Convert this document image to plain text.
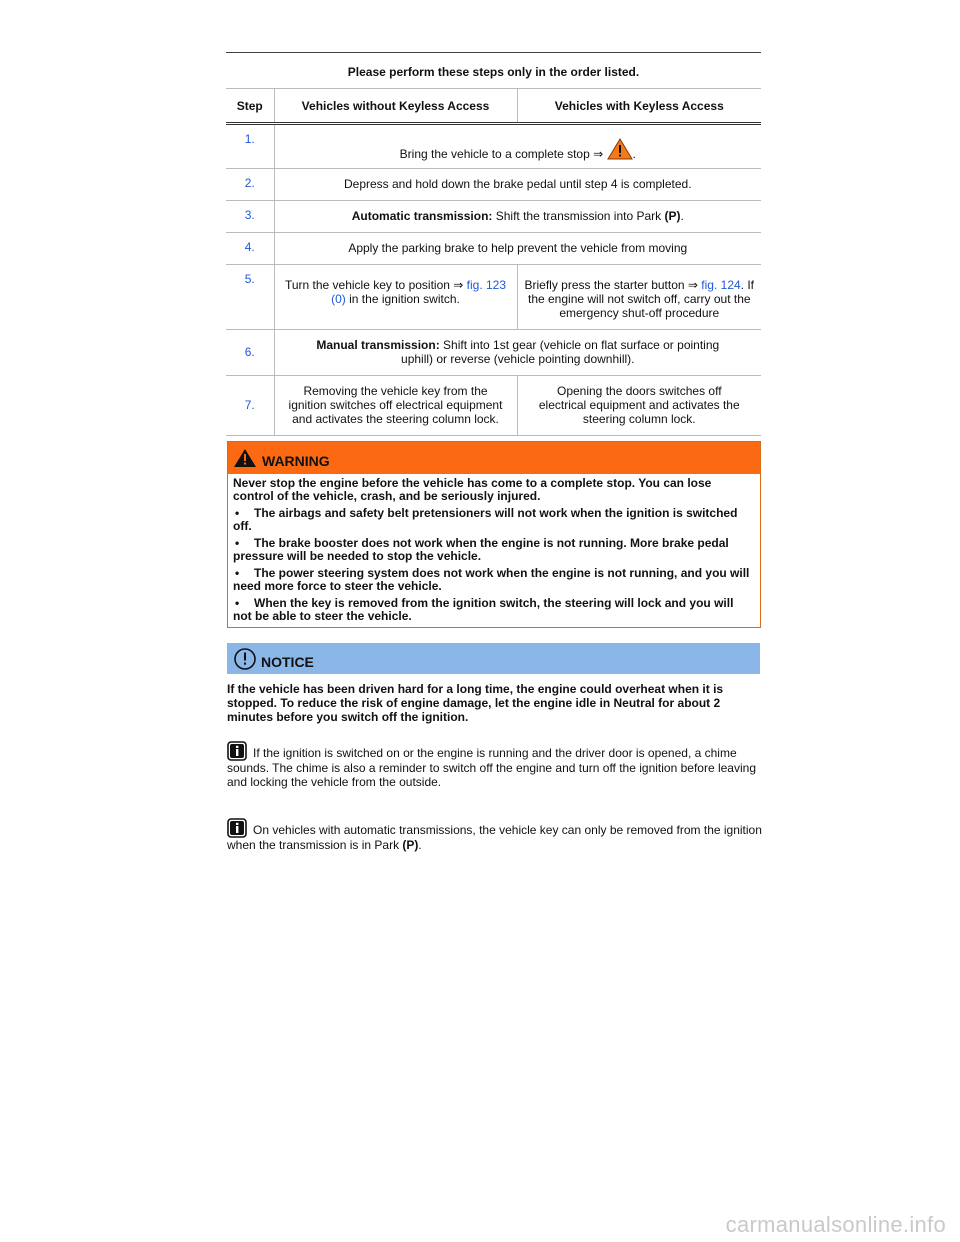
Please perform these steps only in the order listed.		
Step	Vehicles without Keyless Access	Vehicles with Keyless Access
1.	Bring the vehicle to a complete stop ⇒ .	
2.	Depress and hold down the brake pedal until step 4 is completed.	
3.	Automatic transmission: Shift the transmission into Park (P).	
4.	Apply the parking brake to help prevent the vehicle from moving	
5.	Turn the vehicle key to position ⇒ fig. 123 (0) in the ignition switch.	Briefly press the starter button ⇒ fig. 124. If the engine will not switch off, carry out the emergency shut-off procedure
6.	Manual transmission: Shift into 1st gear (vehicle on flat surface or pointing uphill) or reverse (vehicle pointing downhill).	
7.	Removing the vehicle key from the ignition switches off electrical equipment and activates the steering column lock.	Opening the doors switches off electrical equipment and activates the steering column lock.
WARNING

Never stop the engine before the vehicle has come to a complete stop. You can lose control of the vehicle, crash, and be seriously injured.

• The airbags and safety belt pretensioners will not work when the ignition is switched off.
• The brake booster does not work when the engine is not running. More brake pedal pressure will be needed to stop the vehicle.
• The power steering system does not work when the engine is not running, and you will need more force to steer the vehicle.
• When the key is removed from the ignition switch, the steering will lock and you will not be able to steer the vehicle.
NOTICE

If the vehicle has been driven hard for a long time, the engine could overheat when it is stopped. To reduce the risk of engine damage, let the engine idle in Neutral for about 2 minutes before you switch off the ignition.

If the ignition is switched on or the engine is running and the driver door is opened, a chime sounds. The chime is also a reminder to switch off the engine and turn off the ignition before leaving and locking the vehicle from the outside.

On vehicles with automatic transmissions, the vehicle key can only be removed from the ignition when the transmission is in Park (P).

carmanualsonline.info
